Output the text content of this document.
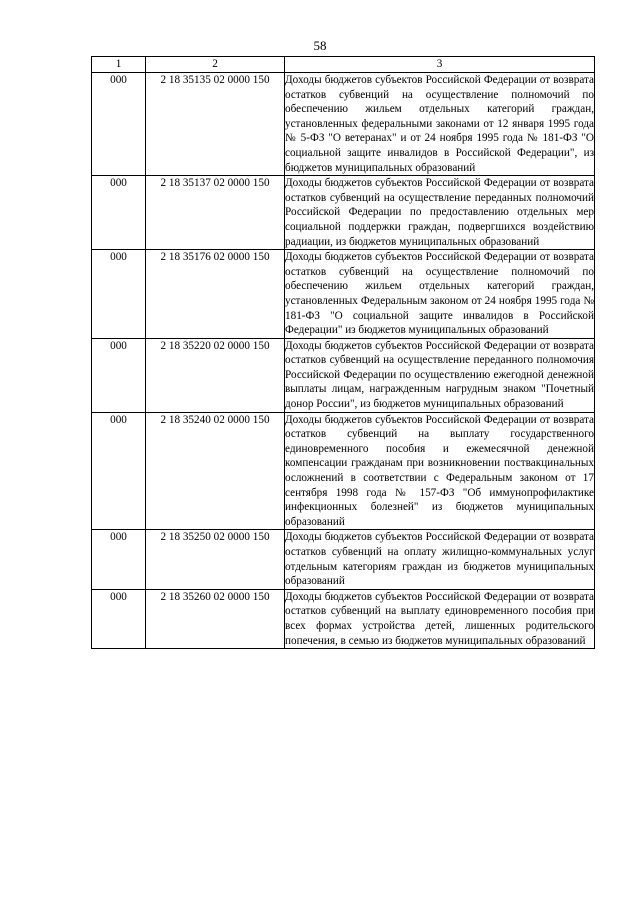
58
1	2	3
000	2 18 35135 02 0000 150	Доходы бюджетов субъектов Российской Федерации от возврата остатков субвенций на осуществление полномочий по обеспечению жильем отдельных категорий граждан, установленных федеральными законами от 12 января 1995 года № 5-ФЗ "О ветеранах" и от 24 ноября 1995 года № 181-ФЗ "О социальной защите инвалидов в Российской Федерации", из бюджетов муниципальных образований
000	2 18 35137 02 0000 150	Доходы бюджетов субъектов Российской Федерации от возврата остатков субвенций на осуществление переданных полномочий Российской Федерации по предоставлению отдельных мер социальной поддержки граждан, подвергшихся воздействию радиации, из бюджетов муниципальных образований
000	2 18 35176 02 0000 150	Доходы бюджетов субъектов Российской Федерации от возврата остатков субвенций на осуществление полномочий по обеспечению жильем отдельных категорий граждан, установленных Федеральным законом от 24 ноября 1995 года № 181-ФЗ "О социальной защите инвалидов в Российской Федерации" из бюджетов муниципальных образований
000	2 18 35220 02 0000 150	Доходы бюджетов субъектов Российской Федерации от возврата остатков субвенций на осуществление переданного полномочия Российской Федерации по осуществлению ежегодной денежной выплаты лицам, награжденным нагрудным знаком "Почетный донор России", из бюджетов муниципальных образований
000	2 18 35240 02 0000 150	Доходы бюджетов субъектов Российской Федерации от возврата остатков субвенций на выплату государственного единовременного пособия и ежемесячной денежной компенсации гражданам при возникновении поствакцинальных осложнений в соответствии с Федеральным законом от 17 сентября 1998 года № 157-ФЗ "Об иммунопрофилактике инфекционных болезней" из бюджетов муниципальных образований
000	2 18 35250 02 0000 150	Доходы бюджетов субъектов Российской Федерации от возврата остатков субвенций на оплату жилищно-коммунальных услуг отдельным категориям граждан из бюджетов муниципальных образований
000	2 18 35260 02 0000 150	Доходы бюджетов субъектов Российской Федерации от возврата остатков субвенций на выплату единовременного пособия при всех формах устройства детей, лишенных родительского попечения, в семью из бюджетов муниципальных образований
